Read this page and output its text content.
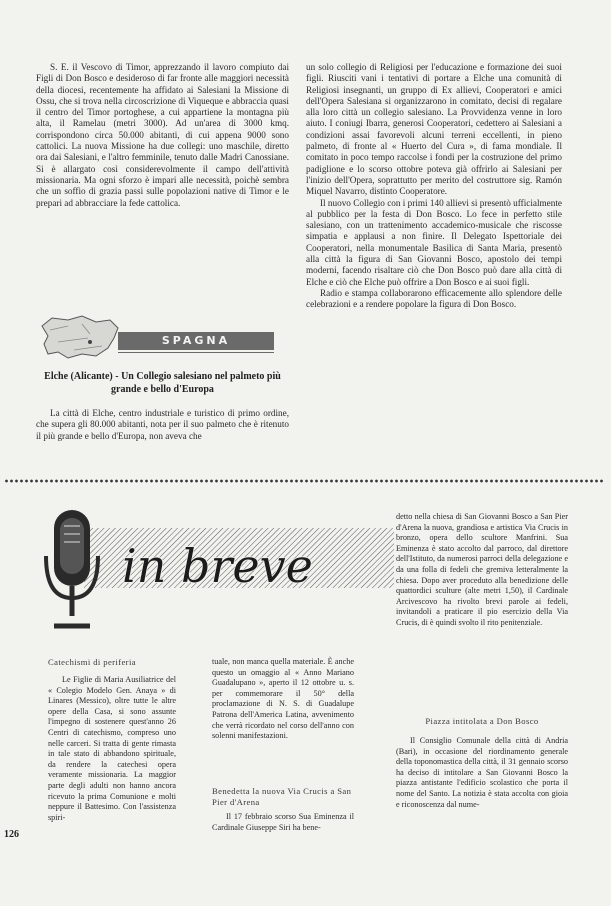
S. E. il Vescovo di Timor, apprezzando il lavoro compiuto dai Figli di Don Bosco e desideroso di far fronte alle maggiori necessità della diocesi, recentemente ha affidato ai Salesiani la Missione di Ossu, che si trova nella circoscrizione di Viqueque e abbraccia quasi il centro del Timor portoghese, a cui appartiene la montagna più alta, il Ramelau (metri 3000). Ad un'area di 3000 kmq. corrispondono circa 50.000 abitanti, di cui appena 9000 sono cattolici. La nuova Missione ha due collegi: uno maschile, diretto ora dai Salesiani, e l'altro femminile, tenuto dalle Madri Canossiane. Si è allargato così considerevolmente il campo dell'attività missionaria. Ma ogni sforzo è impari alle necessità, poichè sembra che un soffio di grazia passi sulle popolazioni native di Timor e le prepari ad abbracciare la fede cattolica.

SPAGNA
Elche (Alicante) - Un Collegio salesiano nel palmeto più grande e bello d'Europa

La città di Elche, centro industriale e turistico di primo ordine, che supera gli 80.000 abitanti, nota per il suo palmeto che è ritenuto il più grande e bello d'Europa, non aveva che

un solo collegio di Religiosi per l'educazione e formazione dei suoi figli. Riusciti vani i tentativi di portare a Elche una comunità di Religiosi insegnanti, un gruppo di Ex allievi, Cooperatori e amici dell'Opera Salesiana si organizzarono in comitato, decisi di regalare alla loro città un collegio salesiano. La Provvidenza venne in loro aiuto. I coniugi Ibarra, generosi Cooperatori, cedettero ai Salesiani a condizioni assai favorevoli alcuni terreni eccellenti, in pieno palmeto, di fronte al « Huerto del Cura », di fama mondiale. Il comitato in poco tempo raccolse i fondi per la costruzione del primo padiglione e lo scorso ottobre poteva già offrirlo ai Salesiani per l'inizio dell'Opera, soprattutto per merito del costruttore sig. Ramón Miquel Navarro, distinto Cooperatore.

Il nuovo Collegio con i primi 140 allievi si presentò ufficialmente al pubblico per la festa di Don Bosco. Lo fece in perfetto stile salesiano, con un trattenimento accademico-musicale che riscosse simpatia e applausi a non finire. Il Delegato Ispettoriale dei Cooperatori, nella monumentale Basilica di Santa Maria, presentò alla città la figura di San Giovanni Bosco, apostolo dei tempi moderni, facendo risaltare ciò che Don Bosco può dare alla città di Elche e ciò che Elche può offrire a Don Bosco e ai suoi figli.

Radio e stampa collaborarono efficacemente allo splendore delle celebrazioni e a rendere popolare la figura di Don Bosco.

in breve
Catechismi di periferia

Le Figlie di Maria Ausiliatrice del « Colegio Modelo Gen. Anaya » di Linares (Messico), oltre tutte le altre opere della Casa, si sono assunte l'impegno di sostenere quest'anno 26 Centri di catechismo, compreso uno nelle carceri. Si tratta di gente rimasta in tale stato di abbandono spirituale, da rendere la catechesi opera veramente missionaria. La maggior parte degli adulti non hanno ancora ricevuto la prima Comunione e molti neppure il Battesimo. Con l'assistenza spiri-

tuale, non manca quella materiale. È anche questo un omaggio al « Anno Mariano Guadalupano », aperto il 12 ottobre u. s. per commemorare il 50° della proclamazione di N. S. di Guadalupe Patrona dell'America Latina, avvenimento che verrà ricordato nel corso dell'anno con solenni manifestazioni.

Benedetta la nuova Via Crucis a San Pier d'Arena

Il 17 febbraio scorso Sua Eminenza il Cardinale Giuseppe Siri ha bene-

detto nella chiesa di San Giovanni Bosco a San Pier d'Arena la nuova, grandiosa e artistica Via Crucis in bronzo, opera dello scultore Manfrini. Sua Eminenza è stato accolto dal parroco, dal direttore dell'Istituto, da numerosi parroci della delegazione e da una folla di fedeli che gremiva letteralmente la chiesa. Dopo aver proceduto alla benedizione delle quattordici sculture (alte metri 1,50), il Cardinale Arcivescovo ha rivolto brevi parole ai fedeli, invitandoli a praticare il pio esercizio della Via Crucis, di è quindi svolto il rito penitenziale.

Piazza intitolata a Don Bosco

Il Consiglio Comunale della città di Andria (Bari), in occasione del riordinamento generale della toponomastica della città, il 31 gennaio scorso ha deciso di intitolare a San Giovanni Bosco la piazza antistante l'edificio scolastico che porta il nome del Santo. La notizia è stata accolta con gioia e riconoscenza dal nume-

126
